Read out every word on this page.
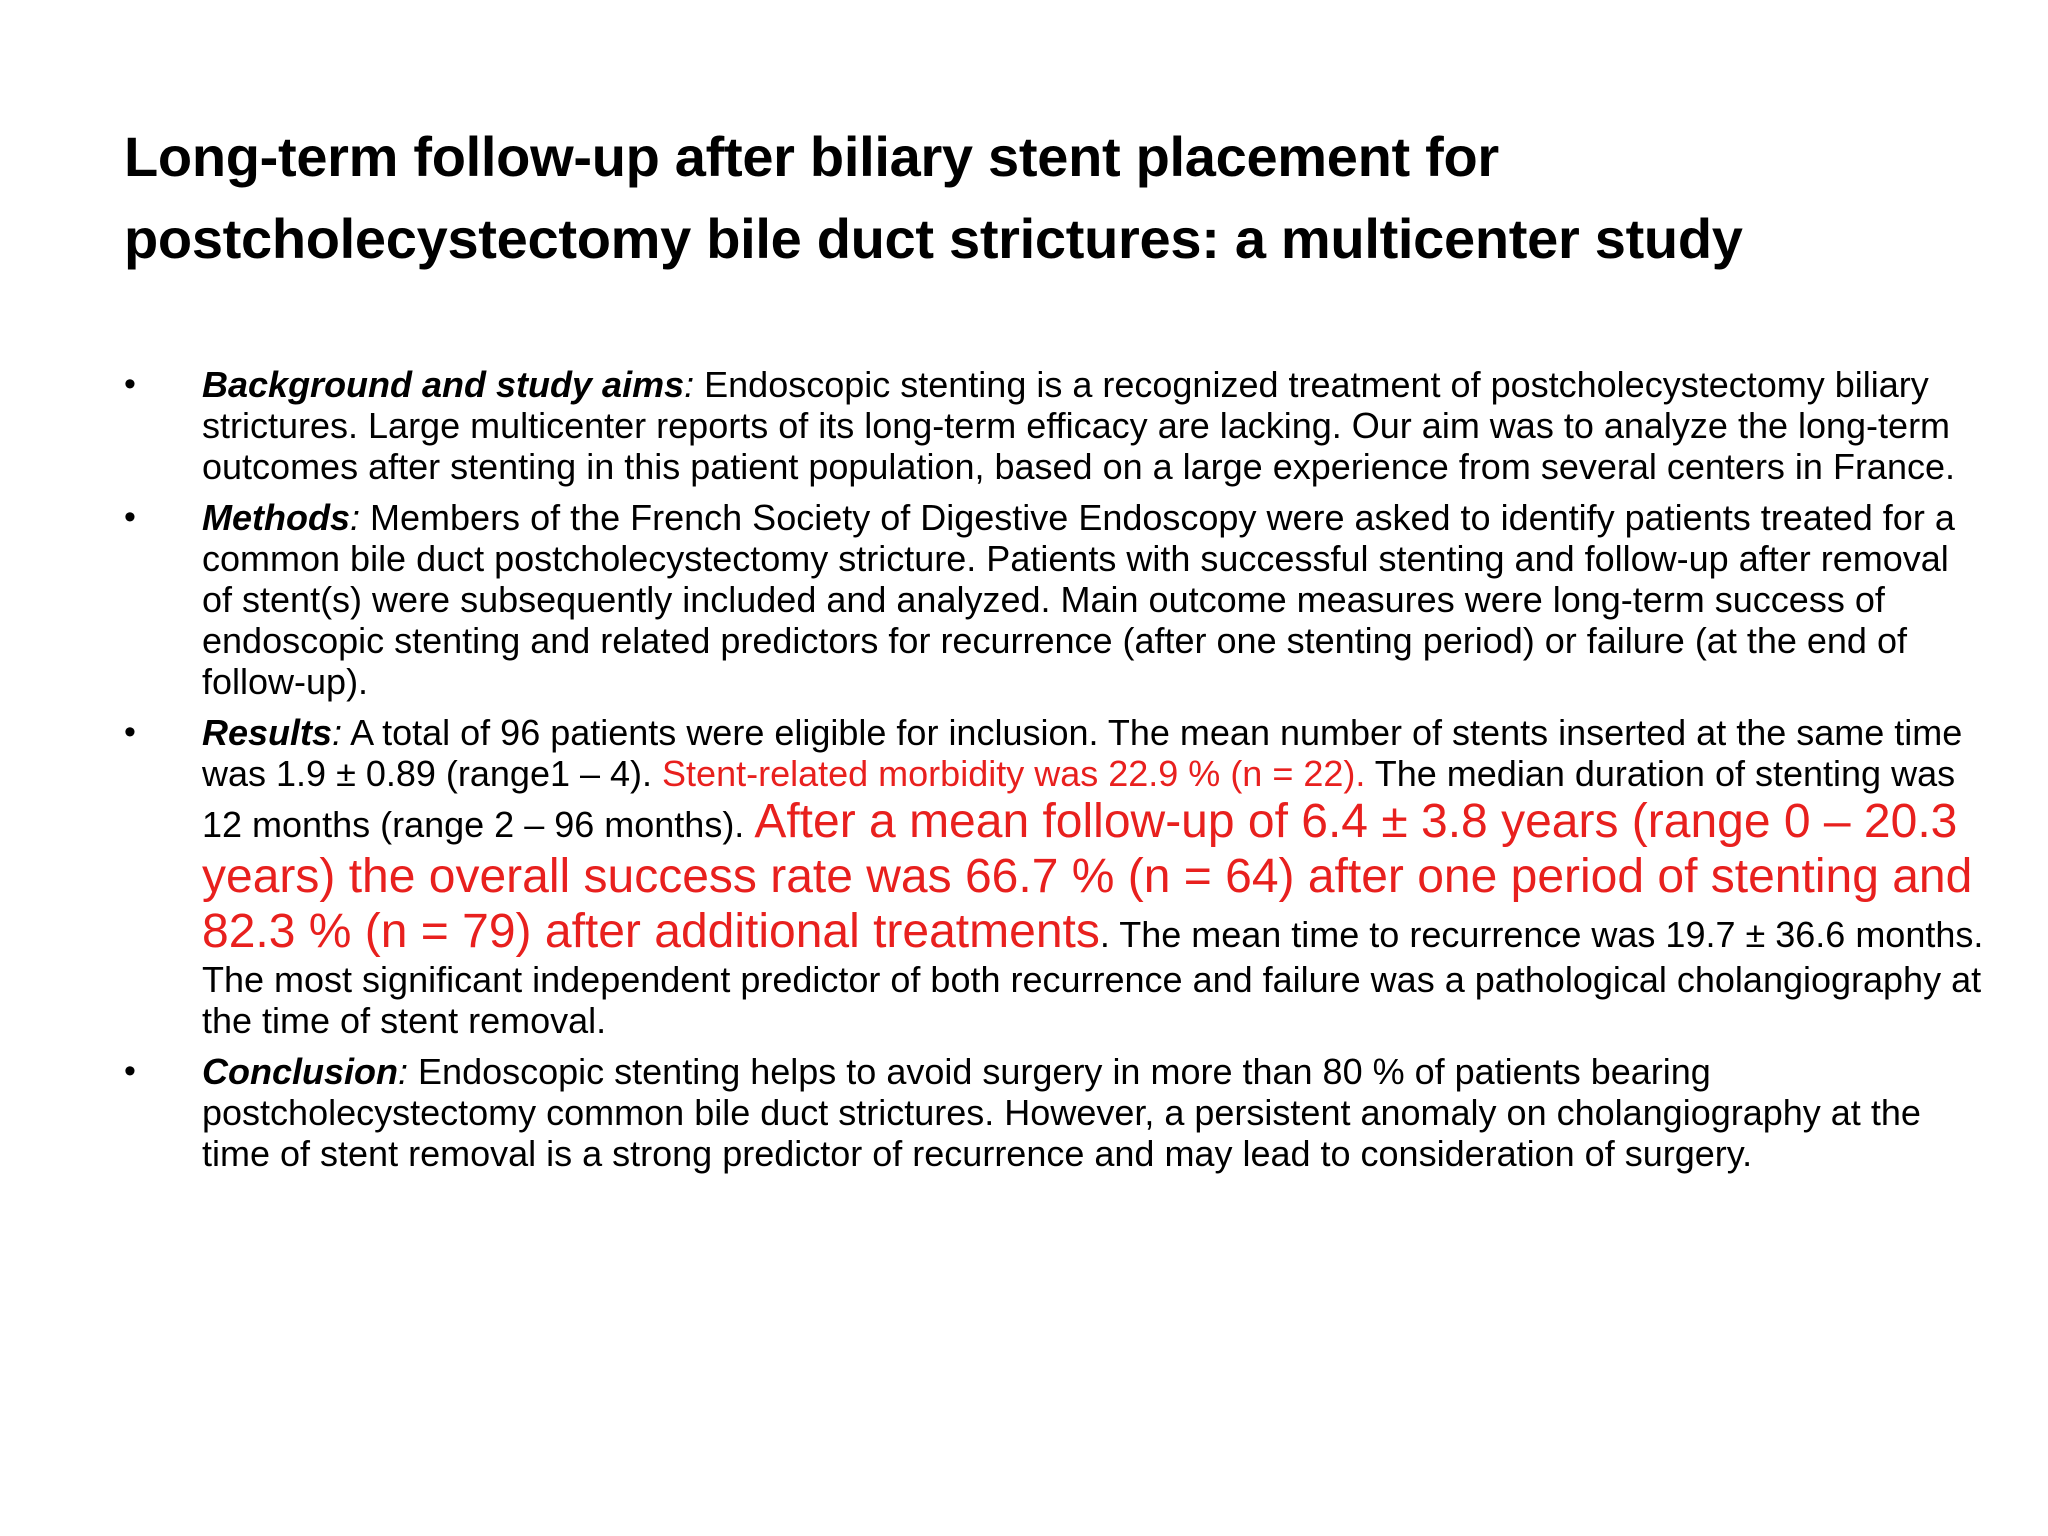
Long-term follow-up after biliary stent placement for
postcholecystectomy bile duct strictures: a multicenter study
•	Background and study aims: Endoscopic stenting is a recognized treatment of postcholecystectomy biliary strictures. Large multicenter reports of its long-term efficacy are lacking. Our aim was to analyze the long-term outcomes after stenting in this patient population, based on a large experience from several centers in France.
•	Methods: Members of the French Society of Digestive Endoscopy were asked to identify patients treated for a common bile duct postcholecystectomy stricture. Patients with successful stenting and follow-up after removal of stent(s) were subsequently included and analyzed. Main outcome measures were long-term success of endoscopic stenting and related predictors for recurrence (after one stenting period) or failure (at the end of follow-up).
•	Results: A total of 96 patients were eligible for inclusion. The mean number of stents inserted at the same time was 1.9 ± 0.89 (range1 – 4). Stent-related morbidity was 22.9 % (n = 22). The median duration of stenting was 12 months (range 2 – 96 months). After a mean follow-up of 6.4 ± 3.8 years (range 0 – 20.3 years) the overall success rate was 66.7 % (n = 64) after one period of stenting and 82.3 % (n = 79) after additional treatments. The mean time to recurrence was 19.7 ± 36.6 months. The most significant independent predictor of both recurrence and failure was a pathological cholangiography at the time of stent removal.
•	Conclusion: Endoscopic stenting helps to avoid surgery in more than 80 % of patients bearing postcholecystectomy common bile duct strictures. However, a persistent anomaly on cholangiography at the time of stent removal is a strong predictor of recurrence and may lead to consideration of surgery.
